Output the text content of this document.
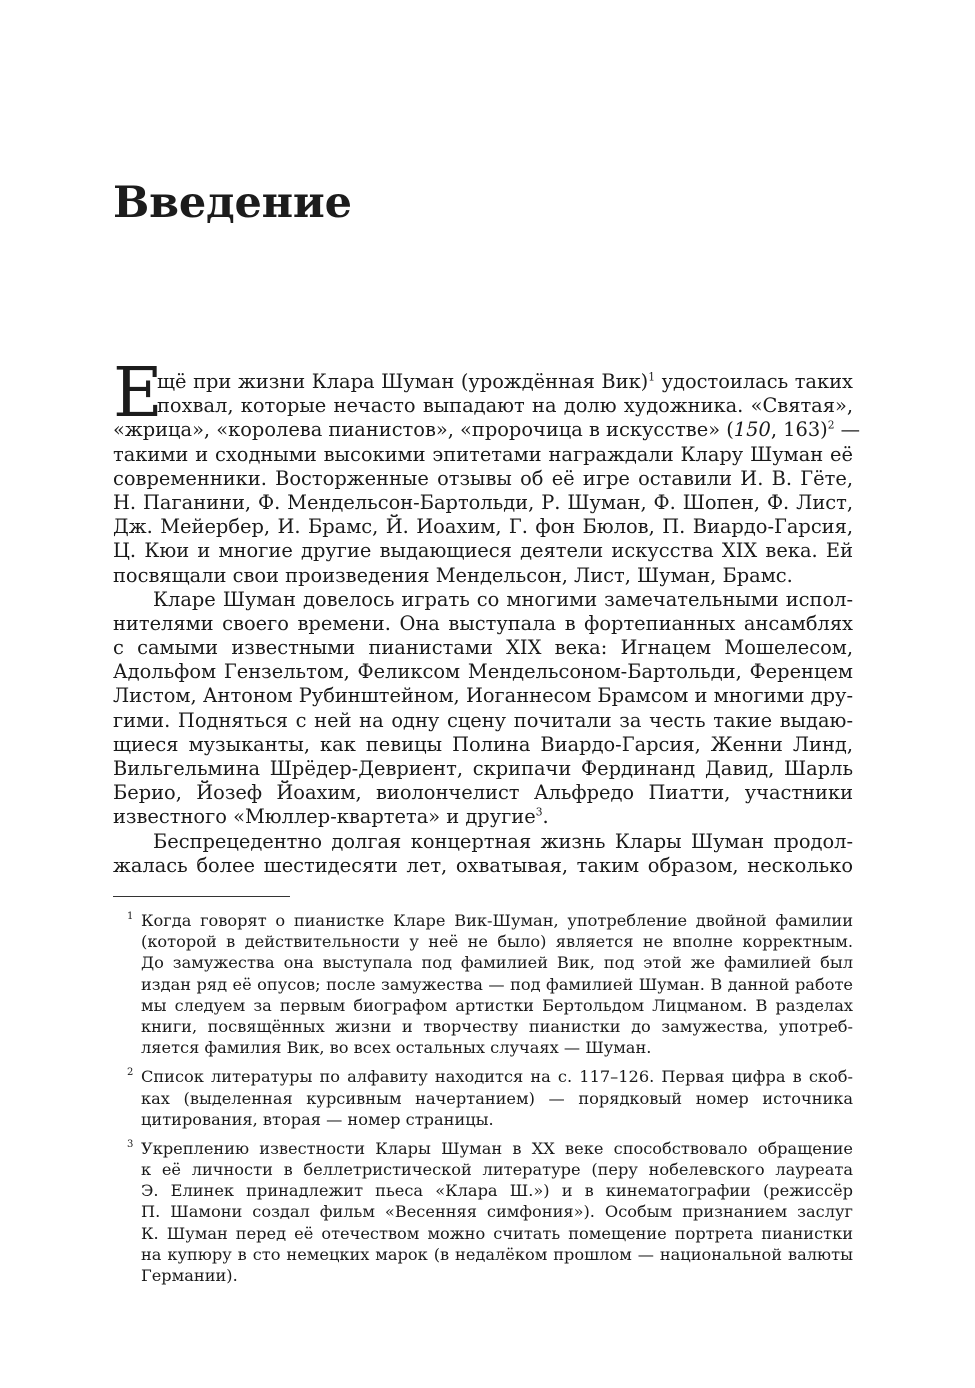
Введение
Е
щё при жизни Клара Шуман (урождённая Вик)$^1$ удостоилась таких
похвал, которые нечасто выпадают на долю художника. «Святая»,
«жрица», «королева пианистов», «пророчица в искусстве» (150, 163)$^2$ —
такими и сходными высокими эпитетами награждали Клару Шуман её
современники. Восторженные отзывы об её игре оставили И. В. Гёте,
Н. Паганини, Ф. Мендельсон-Бартольди, Р. Шуман, Ф. Шопен, Ф. Лист,
Дж. Мейербер, И. Брамс, Й. Иоахим, Г. фон Бюлов, П. Виардо-Гарсия,
Ц. Кюи и многие другие выдающиеся деятели искусства XIX века. Ей
посвящали свои произведения Мендельсон, Лист, Шуман, Брамс.
Кларе Шуман довелось играть со многими замечательными испол-
нителями своего времени. Она выступала в фортепианных ансамблях
с самыми известными пианистами XIX века: Игнацем Мошелесом,
Адольфом Гензельтом, Феликсом Мендельсоном-Бартольди, Ференцем
Листом, Антоном Рубинштейном, Иоганнесом Брамсом и многими дру-
гими. Подняться с ней на одну сцену почитали за честь такие выдаю-
щиеся музыканты, как певицы Полина Виардо-Гарсия, Женни Линд,
Вильгельмина Шрёдер-Девриент, скрипачи Фердинанд Давид, Шарль
Берио, Йозеф Йоахим, виолончелист Альфредо Пиатти, участники
известного «Мюллер-квартета» и другие$^3$.
Беспрецедентно долгая концертная жизнь Клары Шуман продол-
жалась более шестидесяти лет, охватывая, таким образом, несколько
1 Когда говорят о пианистке Кларе Вик-Шуман, употребление двойной фамилии
(которой в действительности у неё не было) является не вполне корректным.
До замужества она выступала под фамилией Вик, под этой же фамилией был
издан ряд её опусов; после замужества — под фамилией Шуман. В данной работе
мы следуем за первым биографом артистки Бертольдом Лицманом. В разделах
книги, посвящённых жизни и творчеству пианистки до замужества, употреб-
ляется фамилия Вик, во всех остальных случаях — Шуман.
2 Список литературы по алфавиту находится на с. 117–126. Первая цифра в скоб-
ках (выделенная курсивным начертанием) — порядковый номер источника
цитирования, вторая — номер страницы.
3 Укреплению известности Клары Шуман в XX веке способствовало обращение
к её личности в беллетристической литературе (перу нобелевского лауреата
Э. Елинек принадлежит пьеса «Клара Ш.») и в кинематографии (режиссёр
П. Шамони создал фильм «Весенняя симфония»). Особым признанием заслуг
К. Шуман перед её отечеством можно считать помещение портрета пианистки
на купюру в сто немецких марок (в недалёком прошлом — национальной валюты
Германии).
